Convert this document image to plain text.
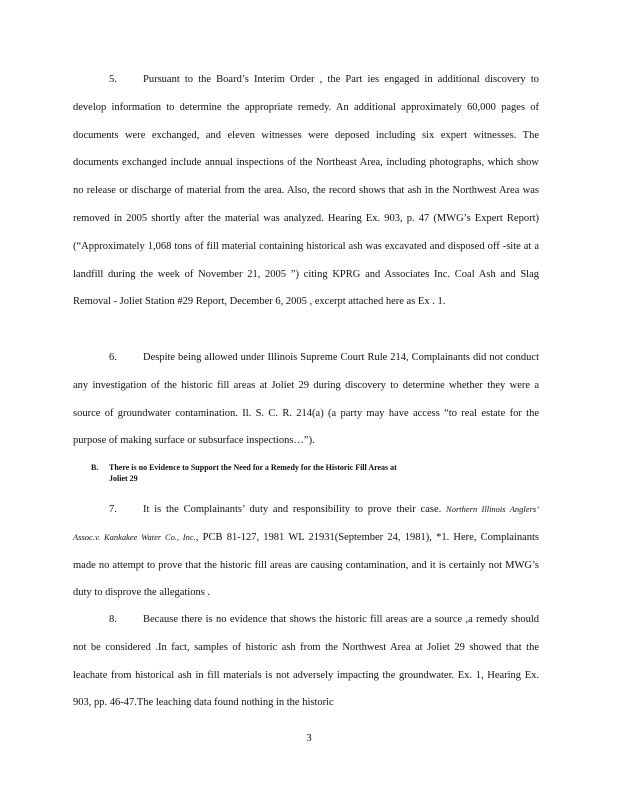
5. Pursuant to the Board’s Interim Order , the Part ies engaged in additional discovery to develop information to determine the appropriate remedy. An additional approximately 60,000 pages of documents were exchanged, and eleven witnesses were deposed including six expert witnesses. The documents exchanged include annual inspections of the Northeast Area, including photographs, which show no release or discharge of material from the area. Also, the record shows that ash in the Northwest Area was removed in 2005 shortly after the material was analyzed. Hearing Ex. 903, p. 47 (MWG’s Expert Report) (“Approximately 1,068 tons of fill material containing historical ash was excavated and disposed off -site at a landfill during the week of November 21, 2005 ”) citing KPRG and Associates Inc. Coal Ash and Slag Removal - Joliet Station #29 Report, December 6, 2005 , excerpt attached here as Ex . 1.

6. Despite being allowed under Illinois Supreme Court Rule 214, Complainants did not conduct any investigation of the historic fill areas at Joliet 29 during discovery to determine whether they were a source of groundwater contamination. Il. S. C. R. 214(a) (a party may have access “to real estate for the purpose of making surface or subsurface inspections…”).

B. There is no Evidence to Support the Need for a Remedy for the Historic Fill Areas at
Joliet 29

7. It is the Complainants’ duty and responsibility to prove their case. Northern Illinois Anglers’ Assoc.v. Kankakee Water Co., Inc., PCB 81-127, 1981 WL 21931(September 24, 1981), *1. Here, Complainants made no attempt to prove that the historic fill areas are causing contamination, and it is certainly not MWG’s duty to disprove the allegations .

8. Because there is no evidence that shows the historic fill areas are a source ,a remedy should not be considered .In fact, samples of historic ash from the Northwest Area at Joliet 29 showed that the leachate from historical ash in fill materials is not adversely impacting the groundwater. Ex. 1, Hearing Ex. 903, pp. 46-47.The leaching data found nothing in the historic

3
